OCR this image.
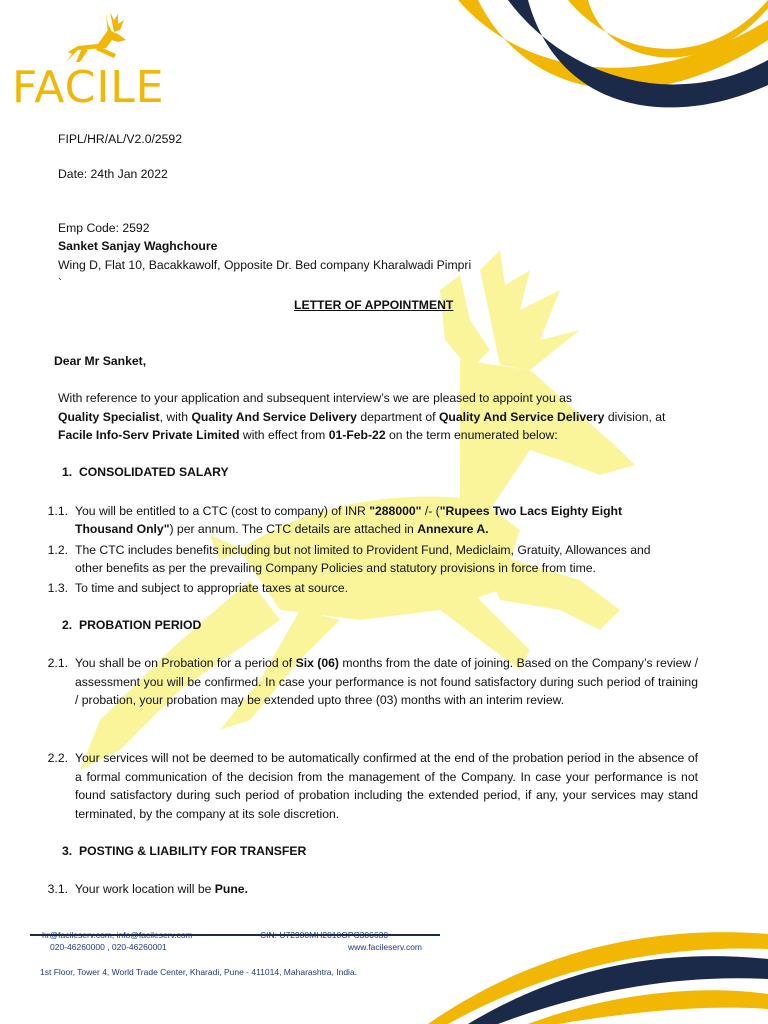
FACILE
FIPL/HR/AL/V2.0/2592
Date: 24th Jan 2022
Emp Code: 2592
Sanket Sanjay Waghchoure
Wing D, Flat 10, Bacakkawolf, Opposite Dr. Bed company Kharalwadi Pimpri
`
LETTER OF APPOINTMENT
Dear Mr Sanket,
With reference to your application and subsequent interview’s we are pleased to appoint you as
Quality Specialist, with Quality And Service Delivery department of Quality And Service Delivery division, at
Facile Info-Serv Private Limited with effect from 01-Feb-22 on the term enumerated below:
1. CONSOLIDATED SALARY
1.1. You will be entitled to a CTC (cost to company) of INR "288000" /- ("Rupees Two Lacs Eighty Eight
Thousand Only") per annum. The CTC details are attached in Annexure A.
1.2. The CTC includes benefits including but not limited to Provident Fund, Mediclaim, Gratuity, Allowances and
other benefits as per the prevailing Company Policies and statutory provisions in force from time.
1.3. To time and subject to appropriate taxes at source.
2. PROBATION PERIOD
2.1. You shall be on Probation for a period of Six (06) months from the date of joining. Based on the Company’s review / assessment you will be confirmed. In case your performance is not found satisfactory during such period of training / probation, your probation may be extended upto three (03) months with an interim review.
2.2. Your services will not be deemed to be automatically confirmed at the end of the probation period in the absence of a formal communication of the decision from the management of the Company. In case your performance is not found satisfactory during such period of probation including the extended period, if any, your services may stand terminated, by the company at its sole discretion.
3. POSTING & LIABILITY FOR TRANSFER
3.1. Your work location will be Pune.
020-46260000 , 020-46260001	www.facileserv.com
1st Floor, Tower 4, World Trade Center, Kharadi, Pune - 411014, Maharashtra, India.
